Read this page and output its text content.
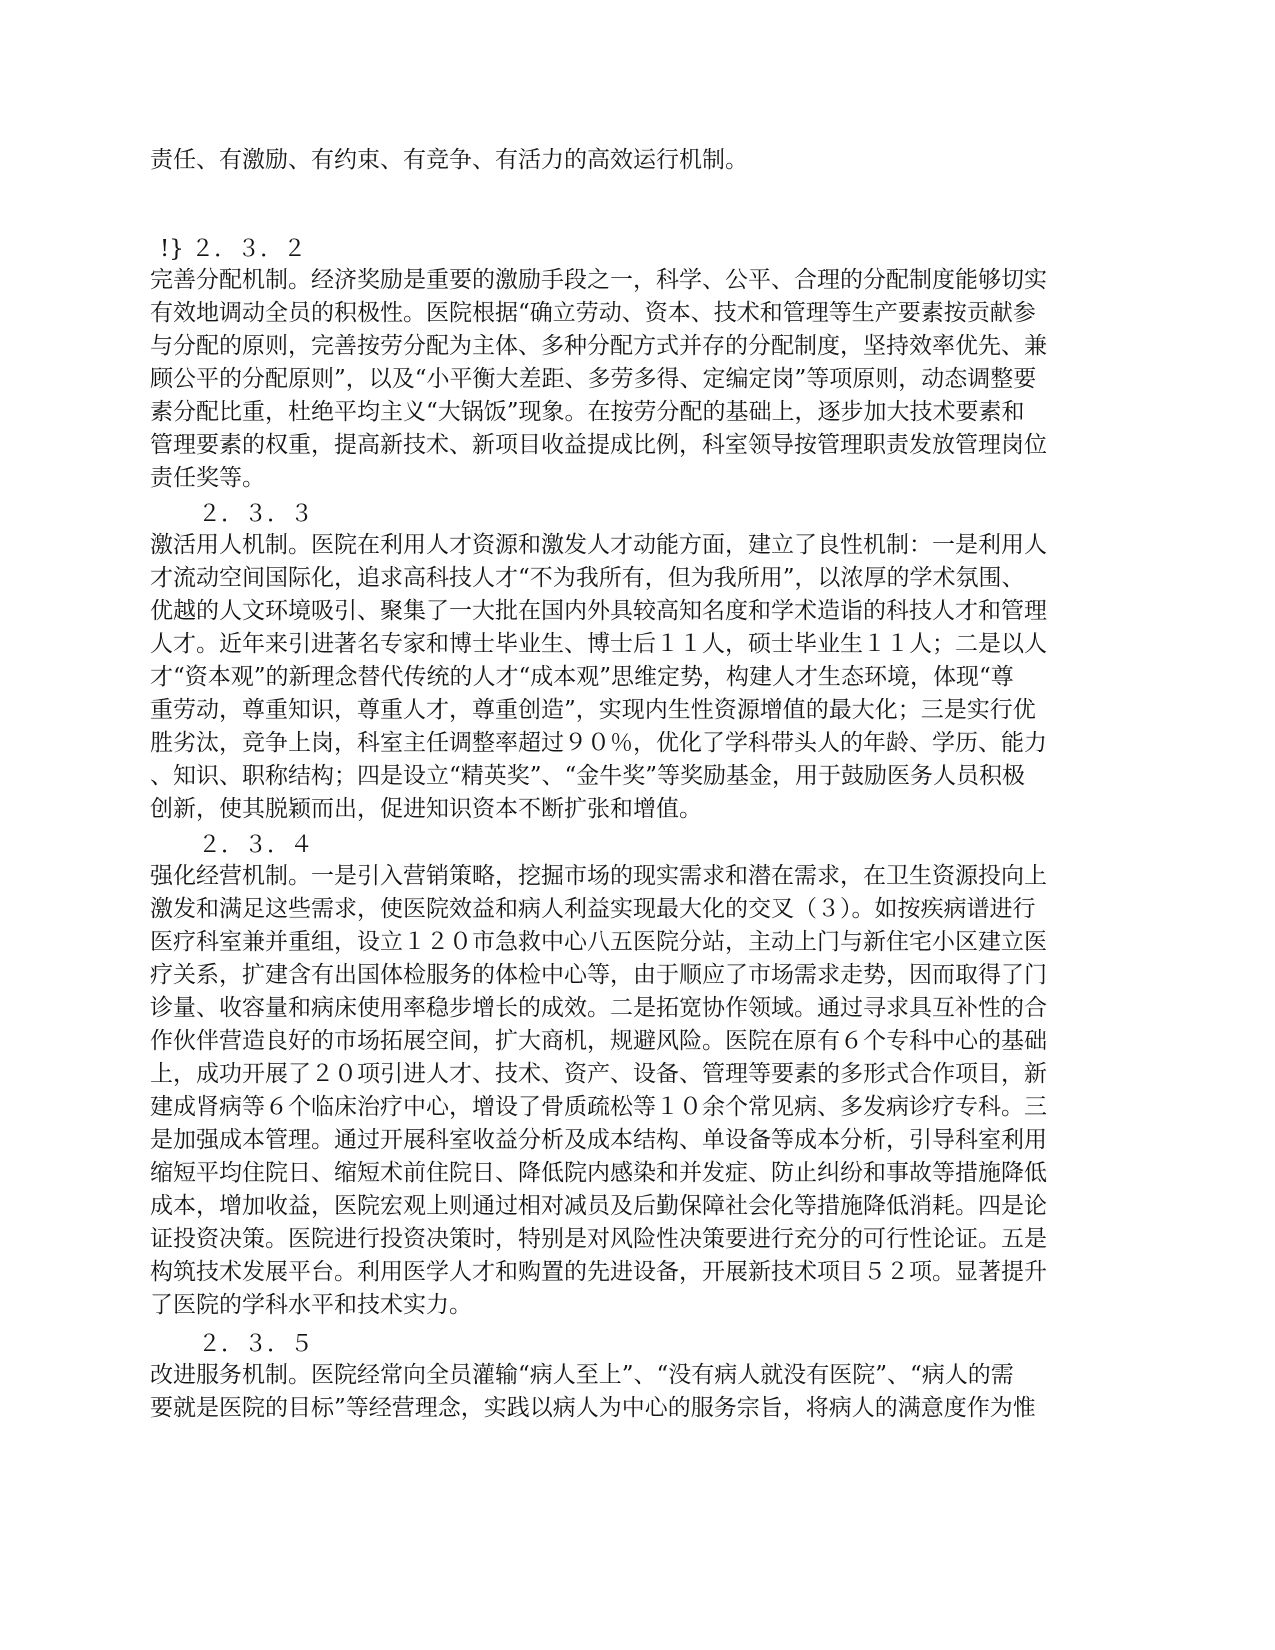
责任、有激励、有约束、有竞争、有活力的高效运行机制。
!} ２．３．２
完善分配机制。经济奖励是重要的激励手段之一，科学、公平、合理的分配制度能够切实
有效地调动全员的积极性。医院根据“确立劳动、资本、技术和管理等生产要素按贡献参
与分配的原则，完善按劳分配为主体、多种分配方式并存的分配制度，坚持效率优先、兼
顾公平的分配原则”，以及“小平衡大差距、多劳多得、定编定岗”等项原则，动态调整要
素分配比重，杜绝平均主义“大锅饭”现象。在按劳分配的基础上，逐步加大技术要素和
管理要素的权重，提高新技术、新项目收益提成比例，科室领导按管理职责发放管理岗位
责任奖等。
２．３．３
激活用人机制。医院在利用人才资源和激发人才动能方面，建立了良性机制：一是利用人
才流动空间国际化，追求高科技人才“不为我所有，但为我所用”，以浓厚的学术氛围、
优越的人文环境吸引、聚集了一大批在国内外具较高知名度和学术造诣的科技人才和管理
人才。近年来引进著名专家和博士毕业生、博士后１１人，硕士毕业生１１人；二是以人
才“资本观”的新理念替代传统的人才“成本观”思维定势，构建人才生态环境，体现“尊
重劳动，尊重知识，尊重人才，尊重创造”，实现内生性资源增值的最大化；三是实行优
胜劣汰，竞争上岗，科室主任调整率超过９０％，优化了学科带头人的年龄、学历、能力
、知识、职称结构；四是设立“精英奖”、“金牛奖”等奖励基金，用于鼓励医务人员积极
创新，使其脱颖而出，促进知识资本不断扩张和增值。
２．３．４
强化经营机制。一是引入营销策略，挖掘市场的现实需求和潜在需求，在卫生资源投向上
激发和满足这些需求，使医院效益和病人利益实现最大化的交叉（３）。如按疾病谱进行
医疗科室兼并重组，设立１２０市急救中心八五医院分站，主动上门与新住宅小区建立医
疗关系，扩建含有出国体检服务的体检中心等，由于顺应了市场需求走势，因而取得了门
诊量、收容量和病床使用率稳步增长的成效。二是拓宽协作领域。通过寻求具互补性的合
作伙伴营造良好的市场拓展空间，扩大商机，规避风险。医院在原有６个专科中心的基础
上，成功开展了２０项引进人才、技术、资产、设备、管理等要素的多形式合作项目，新
建成肾病等６个临床治疗中心，增设了骨质疏松等１０余个常见病、多发病诊疗专科。三
是加强成本管理。通过开展科室收益分析及成本结构、单设备等成本分析，引导科室利用
缩短平均住院日、缩短术前住院日、降低院内感染和并发症、防止纠纷和事故等措施降低
成本，增加收益，医院宏观上则通过相对减员及后勤保障社会化等措施降低消耗。四是论
证投资决策。医院进行投资决策时，特别是对风险性决策要进行充分的可行性论证。五是
构筑技术发展平台。利用医学人才和购置的先进设备，开展新技术项目５２项。显著提升
了医院的学科水平和技术实力。
２．３．５
改进服务机制。医院经常向全员灌输“病人至上”、“没有病人就没有医院”、“病人的需
要就是医院的目标”等经营理念，实践以病人为中心的服务宗旨，将病人的满意度作为惟
